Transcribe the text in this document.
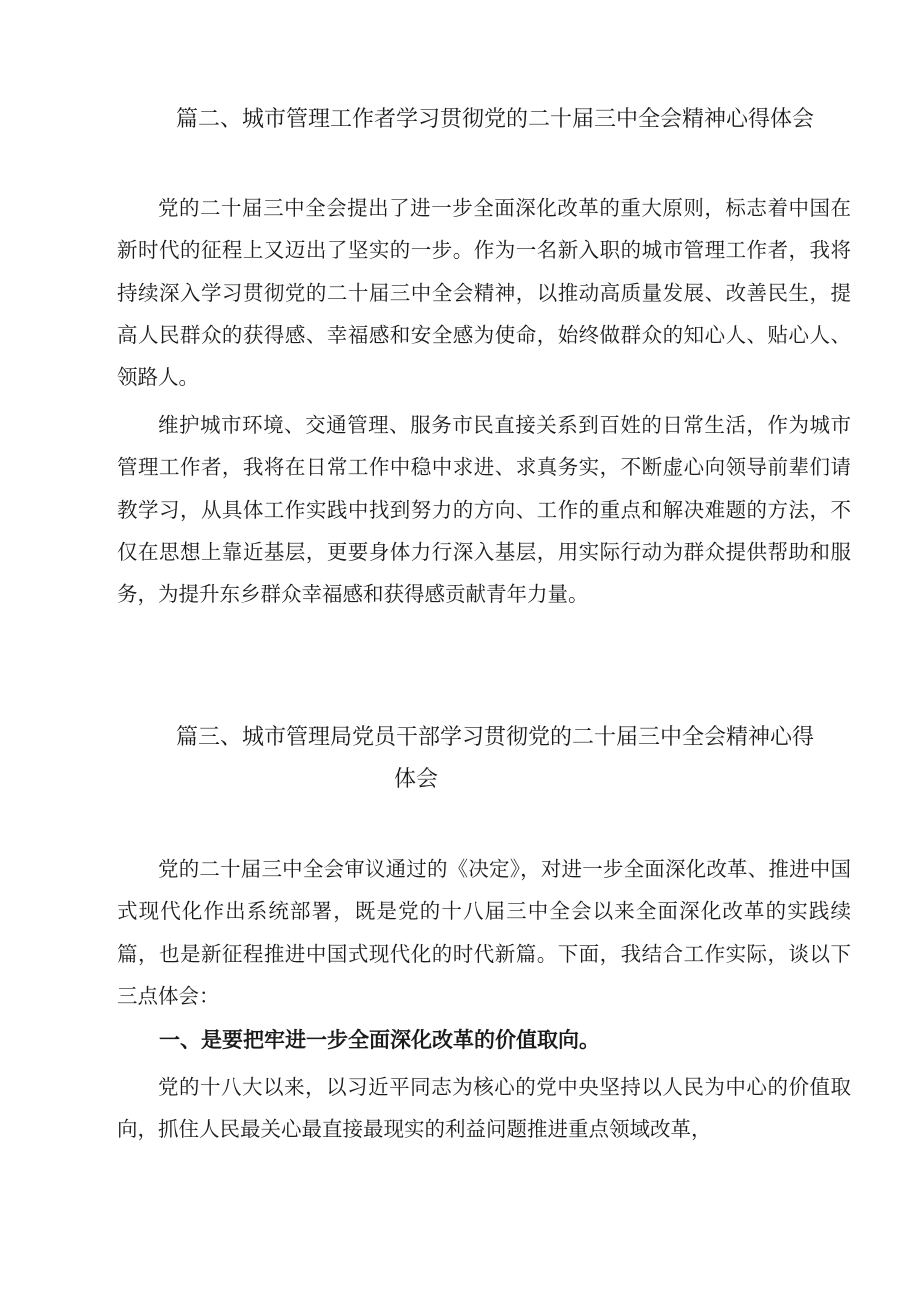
篇二、城市管理工作者学习贯彻党的二十届三中全会精神心得体会

党的二十届三中全会提出了进一步全面深化改革的重大原则，标志着中国在新时代的征程上又迈出了坚实的一步。作为一名新入职的城市管理工作者，我将持续深入学习贯彻党的二十届三中全会精神，以推动高质量发展、改善民生，提高人民群众的获得感、幸福感和安全感为使命，始终做群众的知心人、贴心人、领路人。

维护城市环境、交通管理、服务市民直接关系到百姓的日常生活，作为城市管理工作者，我将在日常工作中稳中求进、求真务实，不断虚心向领导前辈们请教学习，从具体工作实践中找到努力的方向、工作的重点和解决难题的方法，不仅在思想上靠近基层，更要身体力行深入基层，用实际行动为群众提供帮助和服务，为提升东乡群众幸福感和获得感贡献青年力量。

篇三、城市管理局党员干部学习贯彻党的二十届三中全会精神心得
体会

党的二十届三中全会审议通过的《决定》，对进一步全面深化改革、推进中国式现代化作出系统部署，既是党的十八届三中全会以来全面深化改革的实践续篇，也是新征程推进中国式现代化的时代新篇。下面，我结合工作实际，谈以下三点体会：

一、是要把牢进一步全面深化改革的价值取向。

党的十八大以来，以习近平同志为核心的党中央坚持以人民为中心的价值取向，抓住人民最关心最直接最现实的利益问题推进重点领域改革，
